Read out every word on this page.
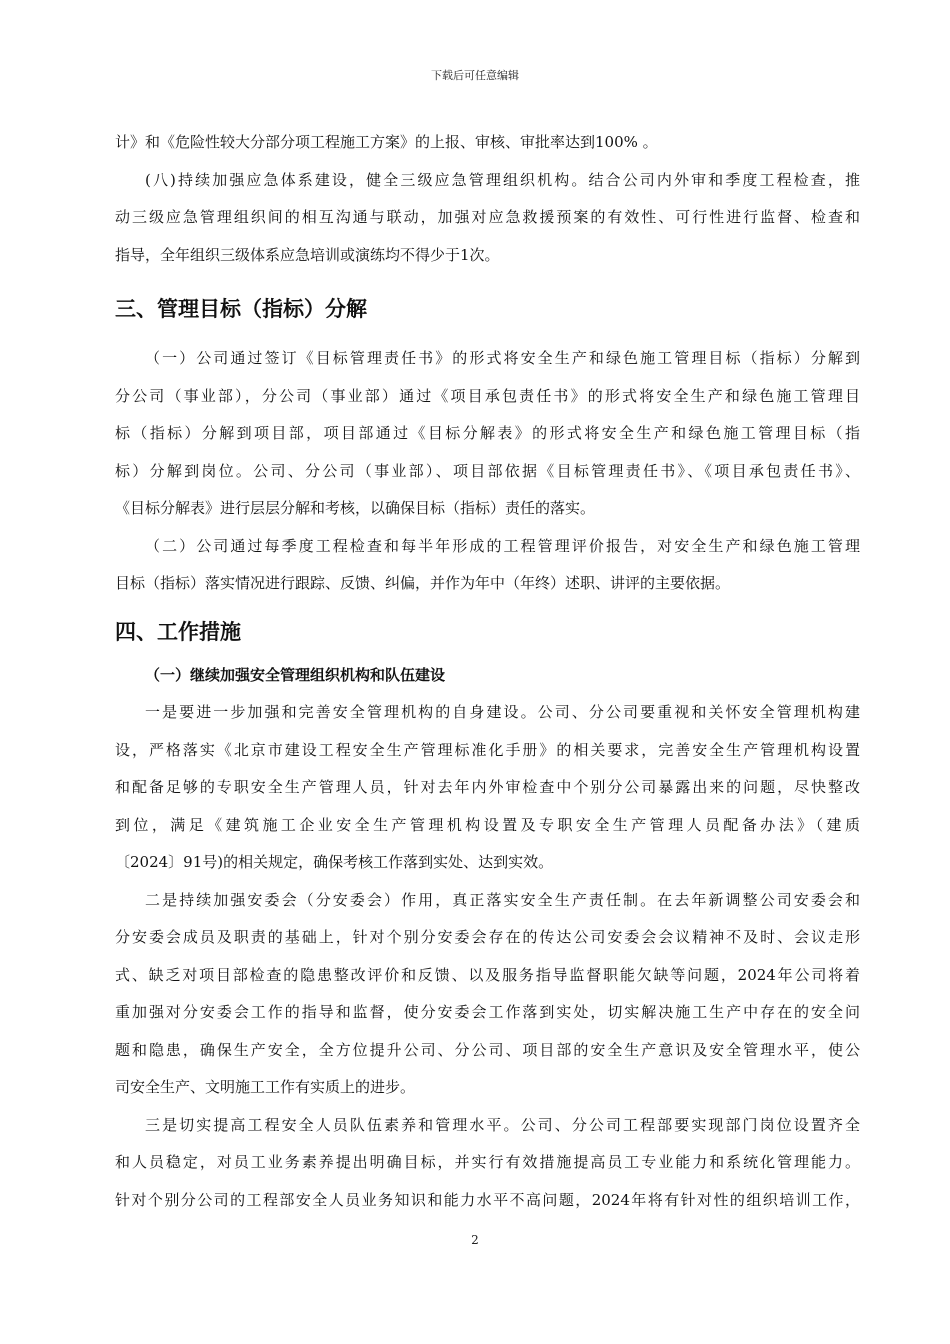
下载后可任意编辑
计》和《危险性较大分部分项工程施工方案》的上报、审核、审批率达到100% 。
(八)持续加强应急体系建设，健全三级应急管理组织机构。结合公司内外审和季度工程检查，推
动三级应急管理组织间的相互沟通与联动，加强对应急救援预案的有效性、可行性进行监督、检查和
指导，全年组织三级体系应急培训或演练均不得少于1次。
三、管理目标（指标）分解
（一）公司通过签订《目标管理责任书》的形式将安全生产和绿色施工管理目标（指标）分解到
分公司（事业部），分公司（事业部）通过《项目承包责任书》的形式将安全生产和绿色施工管理目
标（指标）分解到项目部，项目部通过《目标分解表》的形式将安全生产和绿色施工管理目标（指
标）分解到岗位。公司、分公司（事业部）、项目部依据《目标管理责任书》、《项目承包责任书》、
《目标分解表》进行层层分解和考核，以确保目标（指标）责任的落实。
（二）公司通过每季度工程检查和每半年形成的工程管理评价报告，对安全生产和绿色施工管理
目标（指标）落实情况进行跟踪、反馈、纠偏，并作为年中（年终）述职、讲评的主要依据。
四、工作措施
（一）继续加强安全管理组织机构和队伍建设
一是要进一步加强和完善安全管理机构的自身建设。公司、分公司要重视和关怀安全管理机构建
设，严格落实《北京市建设工程安全生产管理标准化手册》的相关要求，完善安全生产管理机构设置
和配备足够的专职安全生产管理人员，针对去年内外审检查中个别分公司暴露出来的问题，尽快整改
到位，满足《建筑施工企业安全生产管理机构设置及专职安全生产管理人员配备办法》（建质
〔2024〕91号)的相关规定，确保考核工作落到实处、达到实效。
二是持续加强安委会（分安委会）作用，真正落实安全生产责任制。在去年新调整公司安委会和
分安委会成员及职责的基础上，针对个别分安委会存在的传达公司安委会会议精神不及时、会议走形
式、缺乏对项目部检查的隐患整改评价和反馈、以及服务指导监督职能欠缺等问题，2024年公司将着
重加强对分安委会工作的指导和监督，使分安委会工作落到实处，切实解决施工生产中存在的安全问
题和隐患，确保生产安全，全方位提升公司、分公司、项目部的安全生产意识及安全管理水平，使公
司安全生产、文明施工工作有实质上的进步。
三是切实提高工程安全人员队伍素养和管理水平。公司、分公司工程部要实现部门岗位设置齐全
和人员稳定，对员工业务素养提出明确目标，并实行有效措施提高员工专业能力和系统化管理能力。
针对个别分公司的工程部安全人员业务知识和能力水平不高问题，2024年将有针对性的组织培训工作，
2
